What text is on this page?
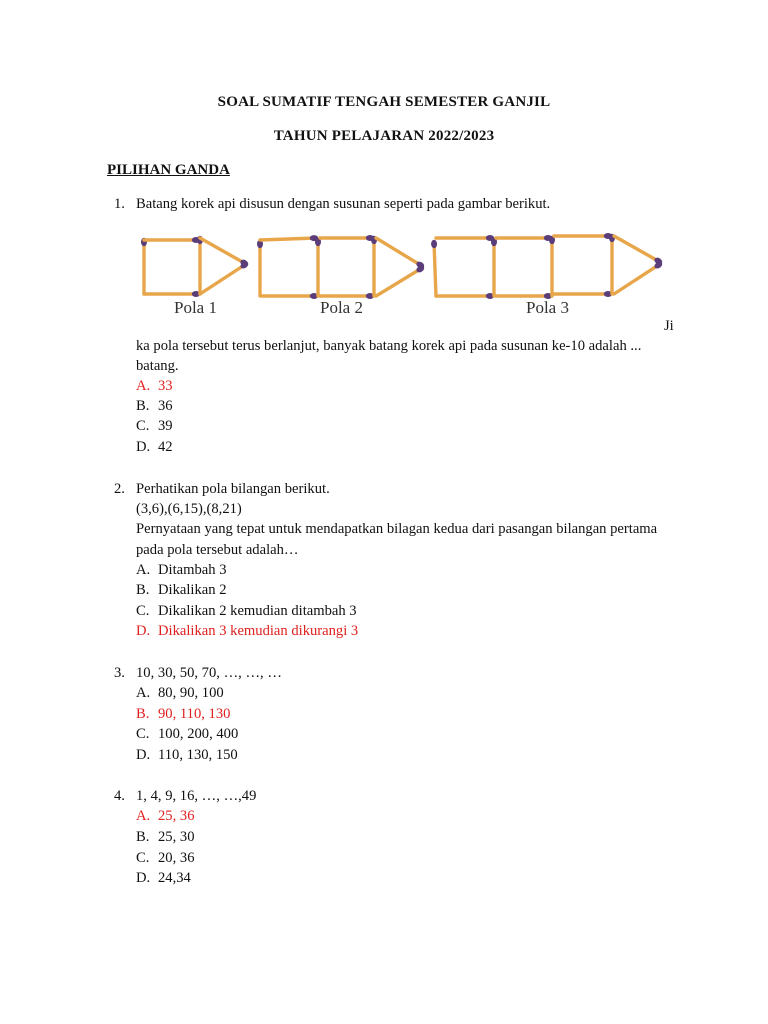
SOAL SUMATIF TENGAH SEMESTER GANJIL
TAHUN PELAJARAN 2022/2023
PILIHAN GANDA
1. Batang korek api disusun dengan susunan seperti pada gambar berikut.
Pola 1	Pola 2	Pola 3
Ji
ka pola tersebut terus berlanjut, banyak batang korek api pada susunan ke-10 adalah ...
batang.
A. 33
B. 36
C. 39
D. 42
2. Perhatikan pola bilangan berikut.
(3,6),(6,15),(8,21)
Pernyataan yang tepat untuk mendapatkan bilagan kedua dari pasangan bilangan pertama
pada pola tersebut adalah…
A. Ditambah 3
B. Dikalikan 2
C. Dikalikan 2 kemudian ditambah 3
D. Dikalikan 3 kemudian dikurangi 3
3. 10, 30, 50, 70, …, …, …
A. 80, 90, 100
B. 90, 110, 130
C. 100, 200, 400
D. 110, 130, 150
4. 1, 4, 9, 16, …, …,49
A. 25, 36
B. 25, 30
C. 20, 36
D. 24,34
